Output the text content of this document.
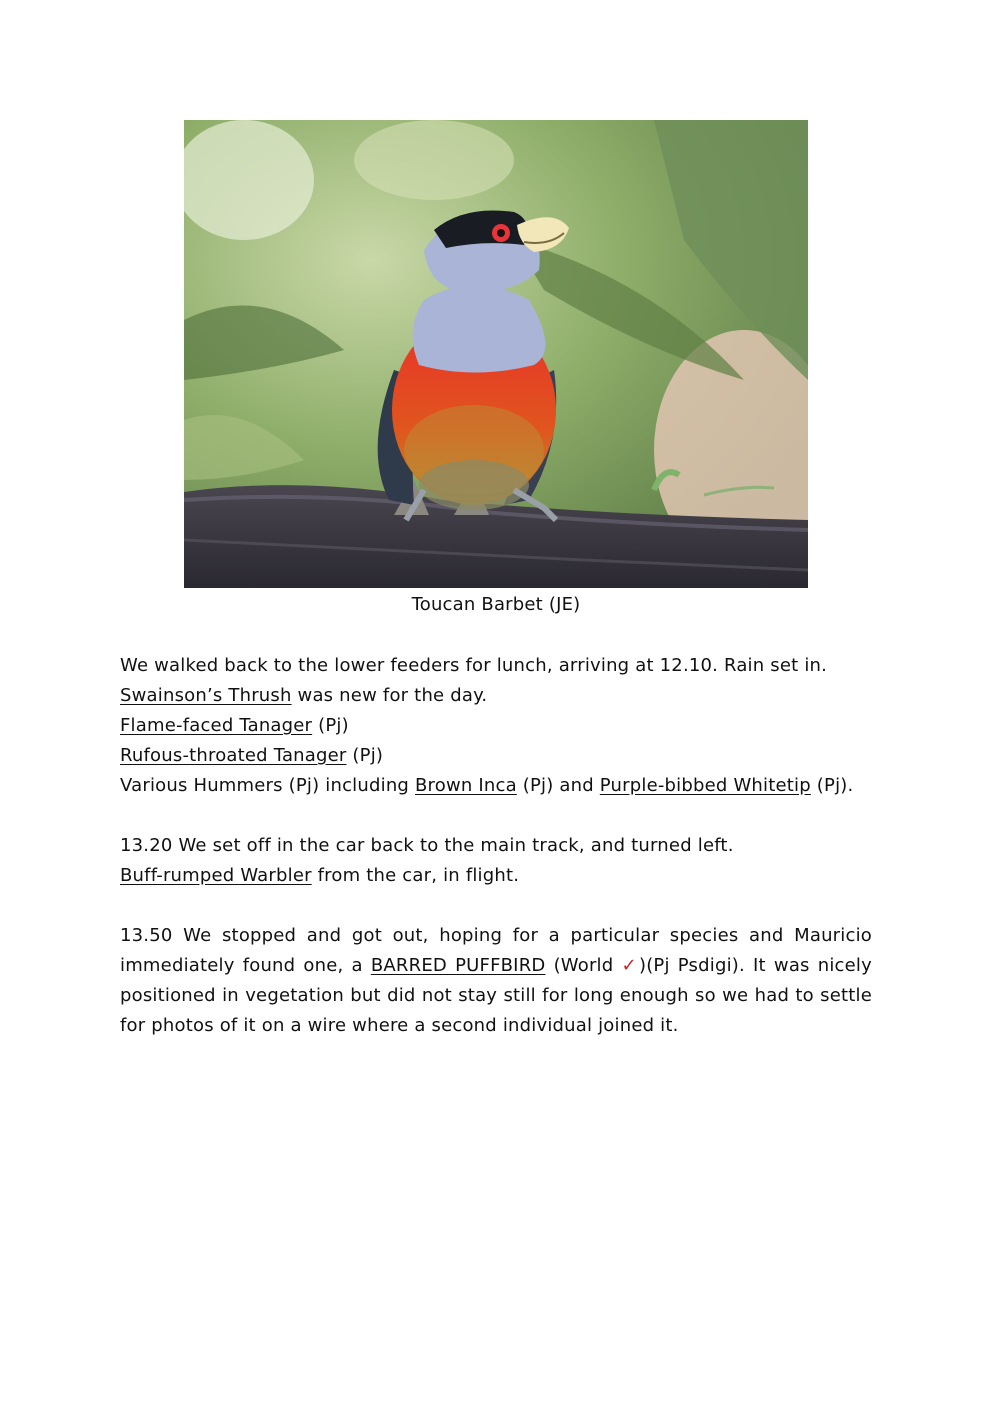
Toucan Barbet (JE)
We walked back to the lower feeders for lunch, arriving at 12.10. Rain set in.
Swainson’s Thrush was new for the day.
Flame-faced Tanager (Pj)
Rufous-throated Tanager (Pj)
Various Hummers (Pj) including Brown Inca (Pj) and Purple-bibbed Whitetip (Pj).
13.20 We set off in the car back to the main track, and turned left.
Buff-rumped Warbler from the car, in flight.
13.50 We stopped and got out, hoping for a particular species and Mauricio immediately found one, a BARRED PUFFBIRD (World ✓)(Pj Psdigi). It was nicely positioned in vegetation but did not stay still for long enough so we had to settle for photos of it on a wire where a second individual joined it.
